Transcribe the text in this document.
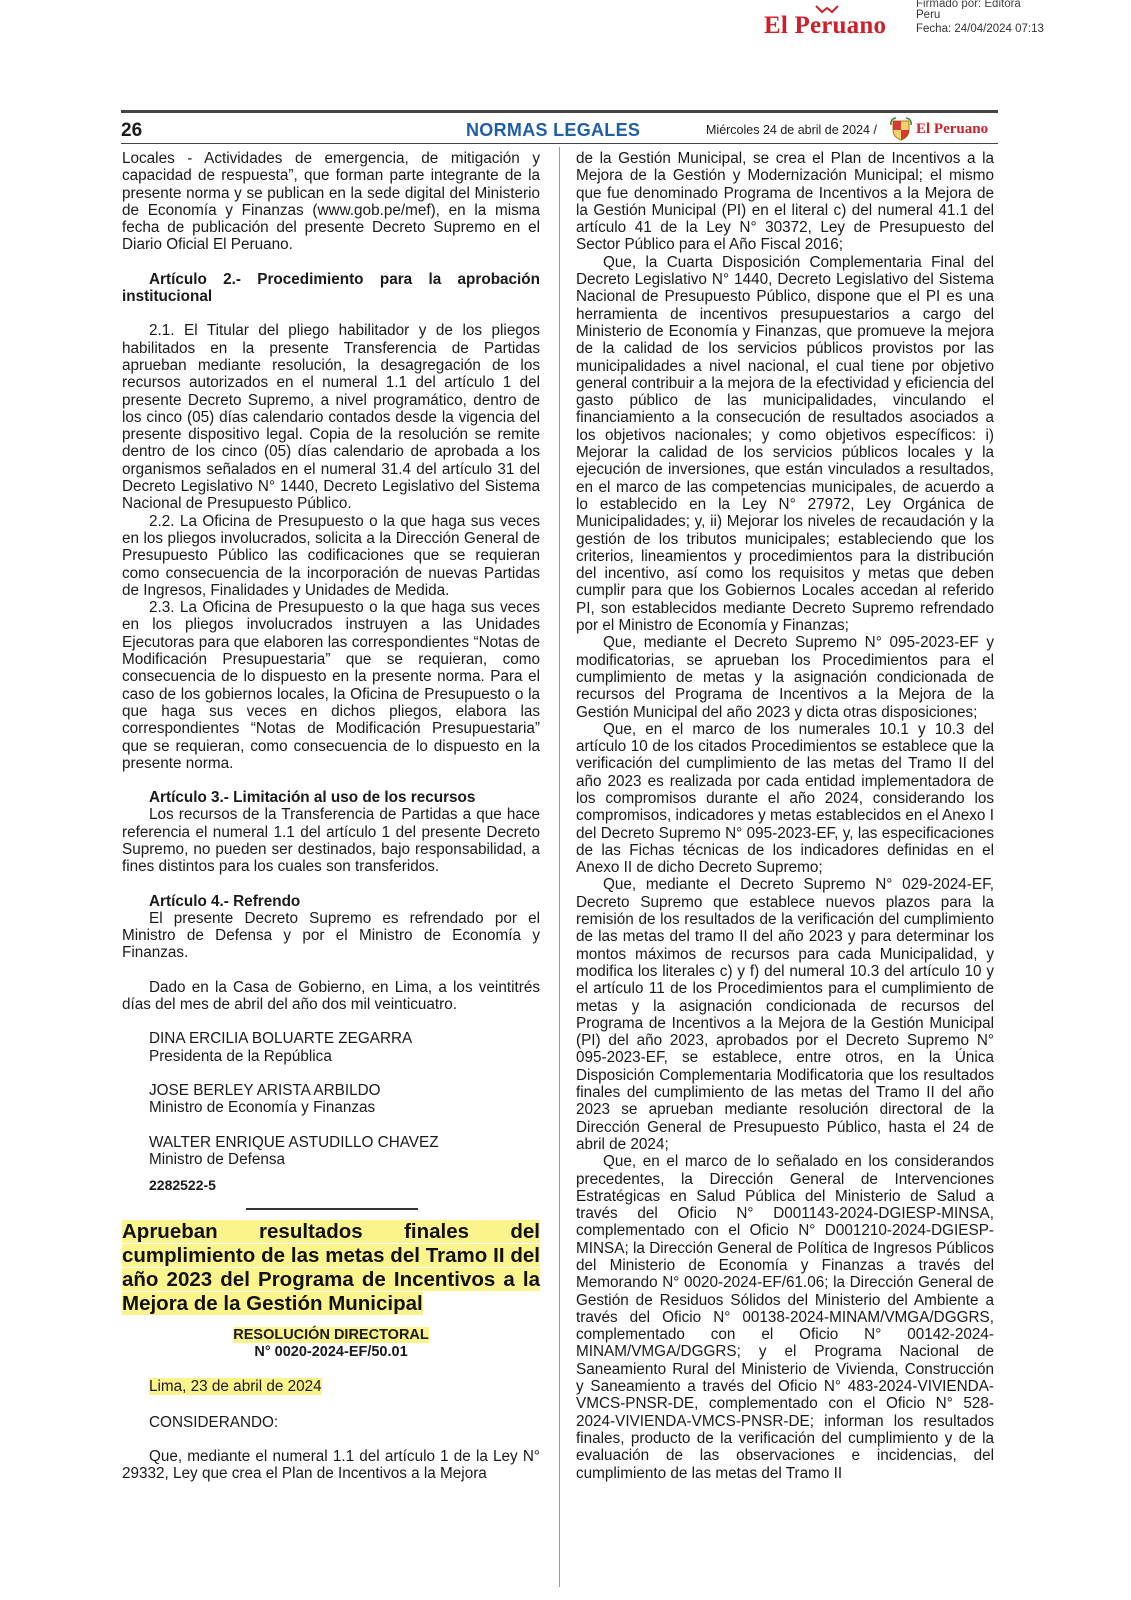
El Peruano
Firmado por: Editora
Peru
Fecha: 24/04/2024 07:13
26	NORMAS LEGALES	Miércoles 24 de abril de 2024 /	El Peruano

Locales - Actividades de emergencia, de mitigación y capacidad de respuesta”, que forman parte integrante de la presente norma y se publican en la sede digital del Ministerio de Economía y Finanzas (www.gob.pe/mef), en la misma fecha de publicación del presente Decreto Supremo en el Diario Oficial El Peruano.

Artículo 2.- Procedimiento para la aprobación institucional

2.1. El Titular del pliego habilitador y de los pliegos habilitados en la presente Transferencia de Partidas aprueban mediante resolución, la desagregación de los recursos autorizados en el numeral 1.1 del artículo 1 del presente Decreto Supremo, a nivel programático, dentro de los cinco (05) días calendario contados desde la vigencia del presente dispositivo legal. Copia de la resolución se remite dentro de los cinco (05) días calendario de aprobada a los organismos señalados en el numeral 31.4 del artículo 31 del Decreto Legislativo N° 1440, Decreto Legislativo del Sistema Nacional de Presupuesto Público.

2.2. La Oficina de Presupuesto o la que haga sus veces en los pliegos involucrados, solicita a la Dirección General de Presupuesto Público las codificaciones que se requieran como consecuencia de la incorporación de nuevas Partidas de Ingresos, Finalidades y Unidades de Medida.

2.3. La Oficina de Presupuesto o la que haga sus veces en los pliegos involucrados instruyen a las Unidades Ejecutoras para que elaboren las correspondientes “Notas de Modificación Presupuestaria” que se requieran, como consecuencia de lo dispuesto en la presente norma. Para el caso de los gobiernos locales, la Oficina de Presupuesto o la que haga sus veces en dichos pliegos, elabora las correspondientes “Notas de Modificación Presupuestaria” que se requieran, como consecuencia de lo dispuesto en la presente norma.

Artículo 3.- Limitación al uso de los recursos

Los recursos de la Transferencia de Partidas a que hace referencia el numeral 1.1 del artículo 1 del presente Decreto Supremo, no pueden ser destinados, bajo responsabilidad, a fines distintos para los cuales son transferidos.

Artículo 4.- Refrendo

El presente Decreto Supremo es refrendado por el Ministro de Defensa y por el Ministro de Economía y Finanzas.

Dado en la Casa de Gobierno, en Lima, a los veintitrés días del mes de abril del año dos mil veinticuatro.

DINA ERCILIA BOLUARTE ZEGARRA

Presidenta de la República

JOSE BERLEY ARISTA ARBILDO

Ministro de Economía y Finanzas

WALTER ENRIQUE ASTUDILLO CHAVEZ

Ministro de Defensa

2282522-5
Aprueban resultados finales del cumplimiento de las metas del Tramo II del año 2023 del Programa de Incentivos a la Mejora de la Gestión Municipal
RESOLUCIÓN DIRECTORAL
N° 0020-2024-EF/50.01
Lima, 23 de abril de 2024
CONSIDERANDO:

Que, mediante el numeral 1.1 del artículo 1 de la Ley N° 29332, Ley que crea el Plan de Incentivos a la Mejora

de la Gestión Municipal, se crea el Plan de Incentivos a la Mejora de la Gestión y Modernización Municipal; el mismo que fue denominado Programa de Incentivos a la Mejora de la Gestión Municipal (PI) en el literal c) del numeral 41.1 del artículo 41 de la Ley N° 30372, Ley de Presupuesto del Sector Público para el Año Fiscal 2016;

Que, la Cuarta Disposición Complementaria Final del Decreto Legislativo N° 1440, Decreto Legislativo del Sistema Nacional de Presupuesto Público, dispone que el PI es una herramienta de incentivos presupuestarios a cargo del Ministerio de Economía y Finanzas, que promueve la mejora de la calidad de los servicios públicos provistos por las municipalidades a nivel nacional, el cual tiene por objetivo general contribuir a la mejora de la efectividad y eficiencia del gasto público de las municipalidades, vinculando el financiamiento a la consecución de resultados asociados a los objetivos nacionales; y como objetivos específicos: i) Mejorar la calidad de los servicios públicos locales y la ejecución de inversiones, que están vinculados a resultados, en el marco de las competencias municipales, de acuerdo a lo establecido en la Ley N° 27972, Ley Orgánica de Municipalidades; y, ii) Mejorar los niveles de recaudación y la gestión de los tributos municipales; estableciendo que los criterios, lineamientos y procedimientos para la distribución del incentivo, así como los requisitos y metas que deben cumplir para que los Gobiernos Locales accedan al referido PI, son establecidos mediante Decreto Supremo refrendado por el Ministro de Economía y Finanzas;

Que, mediante el Decreto Supremo N° 095-2023-EF y modificatorias, se aprueban los Procedimientos para el cumplimiento de metas y la asignación condicionada de recursos del Programa de Incentivos a la Mejora de la Gestión Municipal del año 2023 y dicta otras disposiciones;

Que, en el marco de los numerales 10.1 y 10.3 del artículo 10 de los citados Procedimientos se establece que la verificación del cumplimiento de las metas del Tramo II del año 2023 es realizada por cada entidad implementadora de los compromisos durante el año 2024, considerando los compromisos, indicadores y metas establecidos en el Anexo I del Decreto Supremo N° 095-2023-EF, y, las especificaciones de las Fichas técnicas de los indicadores definidas en el Anexo II de dicho Decreto Supremo;

Que, mediante el Decreto Supremo N° 029-2024-EF, Decreto Supremo que establece nuevos plazos para la remisión de los resultados de la verificación del cumplimiento de las metas del tramo II del año 2023 y para determinar los montos máximos de recursos para cada Municipalidad, y modifica los literales c) y f) del numeral 10.3 del artículo 10 y el artículo 11 de los Procedimientos para el cumplimiento de metas y la asignación condicionada de recursos del Programa de Incentivos a la Mejora de la Gestión Municipal (PI) del año 2023, aprobados por el Decreto Supremo N° 095-2023-EF, se establece, entre otros, en la Única Disposición Complementaria Modificatoria que los resultados finales del cumplimiento de las metas del Tramo II del año 2023 se aprueban mediante resolución directoral de la Dirección General de Presupuesto Público, hasta el 24 de abril de 2024;

Que, en el marco de lo señalado en los considerandos precedentes, la Dirección General de Intervenciones Estratégicas en Salud Pública del Ministerio de Salud a través del Oficio N° D001143-2024-DGIESP-MINSA, complementado con el Oficio N° D001210-2024-DGIESP-MINSA; la Dirección General de Política de Ingresos Públicos del Ministerio de Economía y Finanzas a través del Memorando N° 0020-2024-EF/61.06; la Dirección General de Gestión de Residuos Sólidos del Ministerio del Ambiente a través del Oficio N° 00138-2024-MINAM/VMGA/DGGRS, complementado con el Oficio N° 00142-2024-MINAM/VMGA/DGGRS; y el Programa Nacional de Saneamiento Rural del Ministerio de Vivienda, Construcción y Saneamiento a través del Oficio N° 483-2024-VIVIENDA-VMCS-PNSR-DE, complementado con el Oficio N° 528-2024-VIVIENDA-VMCS-PNSR-DE; informan los resultados finales, producto de la verificación del cumplimiento y de la evaluación de las observaciones e incidencias, del cumplimiento de las metas del Tramo II
